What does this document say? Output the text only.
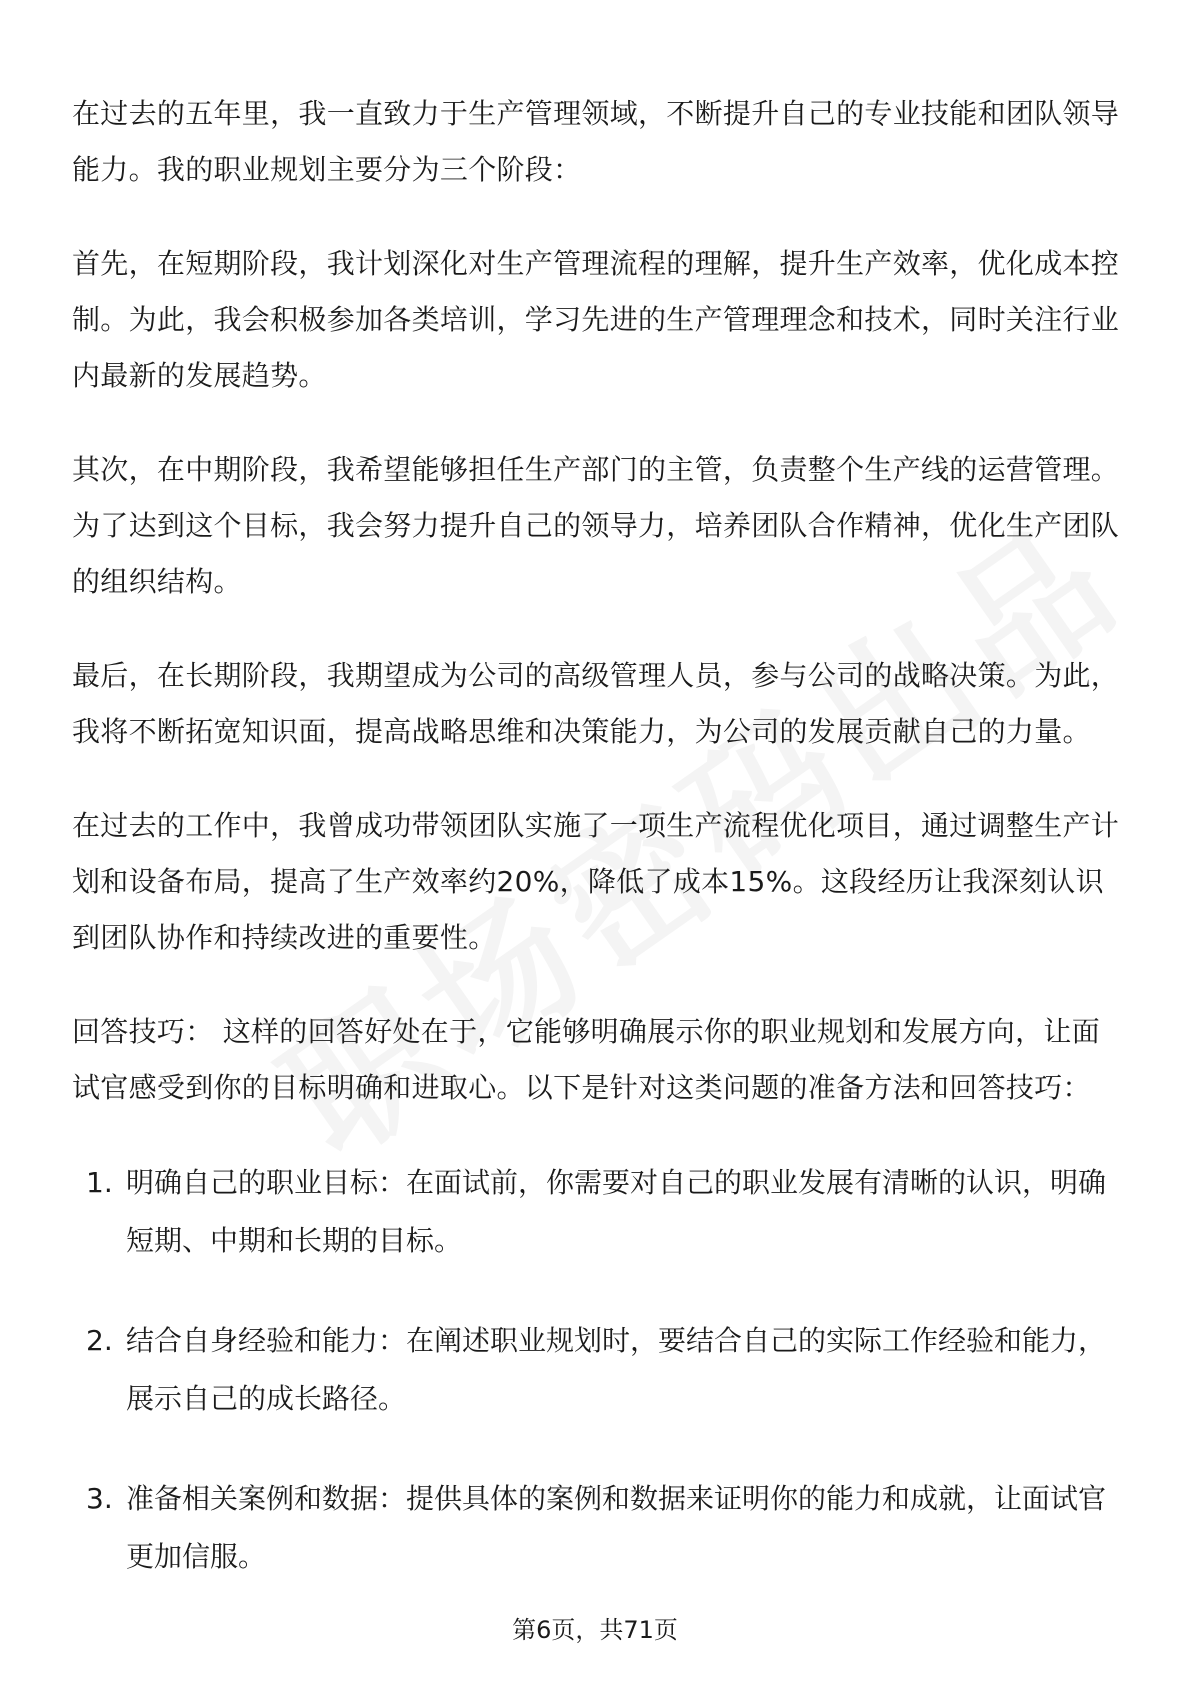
在过去的五年里，我一直致力于生产管理领域，不断提升自己的专业技能和团队领导能力。我的职业规划主要分为三个阶段：

首先，在短期阶段，我计划深化对生产管理流程的理解，提升生产效率，优化成本控制。为此，我会积极参加各类培训，学习先进的生产管理理念和技术，同时关注行业内最新的发展趋势。

其次，在中期阶段，我希望能够担任生产部门的主管，负责整个生产线的运营管理。为了达到这个目标，我会努力提升自己的领导力，培养团队合作精神，优化生产团队的组织结构。

最后，在长期阶段，我期望成为公司的高级管理人员，参与公司的战略决策。为此，我将不断拓宽知识面，提高战略思维和决策能力，为公司的发展贡献自己的力量。

在过去的工作中，我曾成功带领团队实施了一项生产流程优化项目，通过调整生产计划和设备布局，提高了生产效率约20%，降低了成本15%。这段经历让我深刻认识到团队协作和持续改进的重要性。

回答技巧： 这样的回答好处在于，它能够明确展示你的职业规划和发展方向，让面试官感受到你的目标明确和进取心。以下是针对这类问题的准备方法和回答技巧：

1. 明确自己的职业目标：在面试前，你需要对自己的职业发展有清晰的认识，明确短期、中期和长期的目标。
2. 结合自身经验和能力：在阐述职业规划时，要结合自己的实际工作经验和能力，展示自己的成长路径。
3. 准备相关案例和数据：提供具体的案例和数据来证明你的能力和成就，让面试官更加信服。
第6页，共71页
